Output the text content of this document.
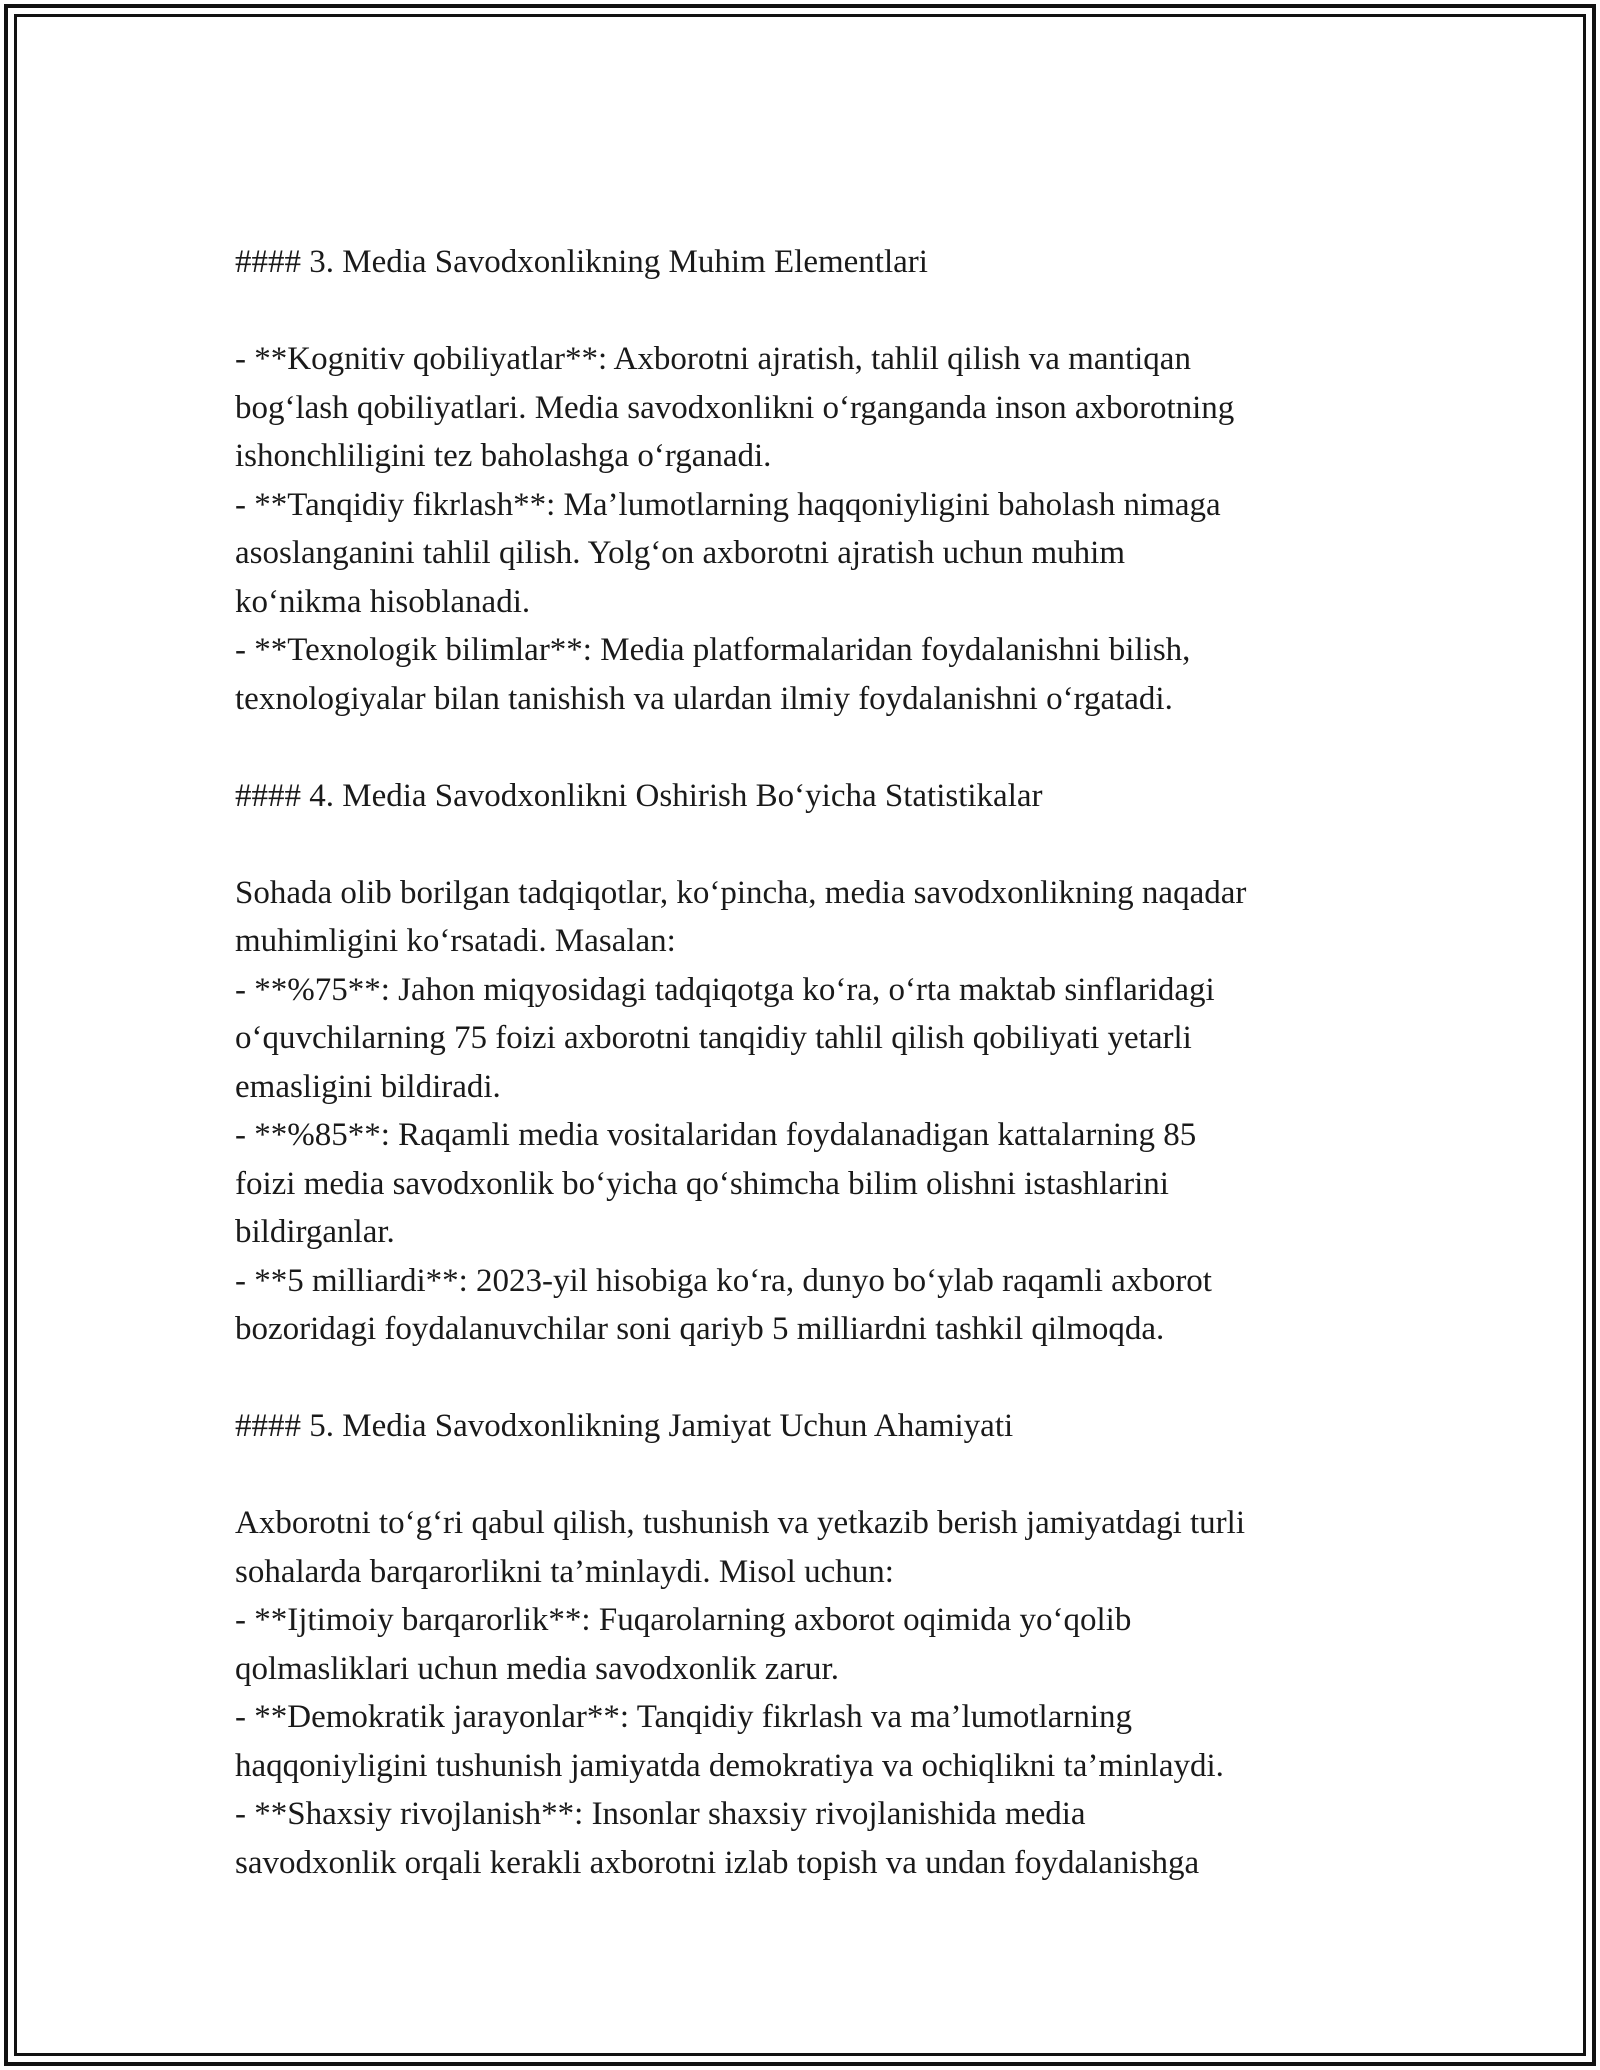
#### 3. Media Savodxonlikning Muhim Elementlari

- **Kognitiv qobiliyatlar**: Axborotni ajratish, tahlil qilish va mantiqan
bog‘lash qobiliyatlari. Media savodxonlikni o‘rganganda inson axborotning
ishonchliligini tez baholashga o‘rganadi.
- **Tanqidiy fikrlash**: Ma’lumotlarning haqqoniyligini baholash nimaga
asoslanganini tahlil qilish. Yolg‘on axborotni ajratish uchun muhim
ko‘nikma hisoblanadi.
- **Texnologik bilimlar**: Media platformalaridan foydalanishni bilish,
texnologiyalar bilan tanishish va ulardan ilmiy foydalanishni o‘rgatadi.

#### 4. Media Savodxonlikni Oshirish Bo‘yicha Statistikalar

Sohada olib borilgan tadqiqotlar, ko‘pincha, media savodxonlikning naqadar
muhimligini ko‘rsatadi. Masalan:
- **%75**: Jahon miqyosidagi tadqiqotga ko‘ra, o‘rta maktab sinflaridagi
o‘quvchilarning 75 foizi axborotni tanqidiy tahlil qilish qobiliyati yetarli
emasligini bildiradi.
- **%85**: Raqamli media vositalaridan foydalanadigan kattalarning 85
foizi media savodxonlik bo‘yicha qo‘shimcha bilim olishni istashlarini
bildirganlar.
- **5 milliardi**: 2023-yil hisobiga ko‘ra, dunyo bo‘ylab raqamli axborot
bozoridagi foydalanuvchilar soni qariyb 5 milliardni tashkil qilmoqda.

#### 5. Media Savodxonlikning Jamiyat Uchun Ahamiyati

Axborotni to‘g‘ri qabul qilish, tushunish va yetkazib berish jamiyatdagi turli
sohalarda barqarorlikni ta’minlaydi. Misol uchun:
- **Ijtimoiy barqarorlik**: Fuqarolarning axborot oqimida yo‘qolib
qolmasliklari uchun media savodxonlik zarur.
- **Demokratik jarayonlar**: Tanqidiy fikrlash va ma’lumotlarning
haqqoniyligini tushunish jamiyatda demokratiya va ochiqlikni ta’minlaydi.
- **Shaxsiy rivojlanish**: Insonlar shaxsiy rivojlanishida media
savodxonlik orqali kerakli axborotni izlab topish va undan foydalanishga
